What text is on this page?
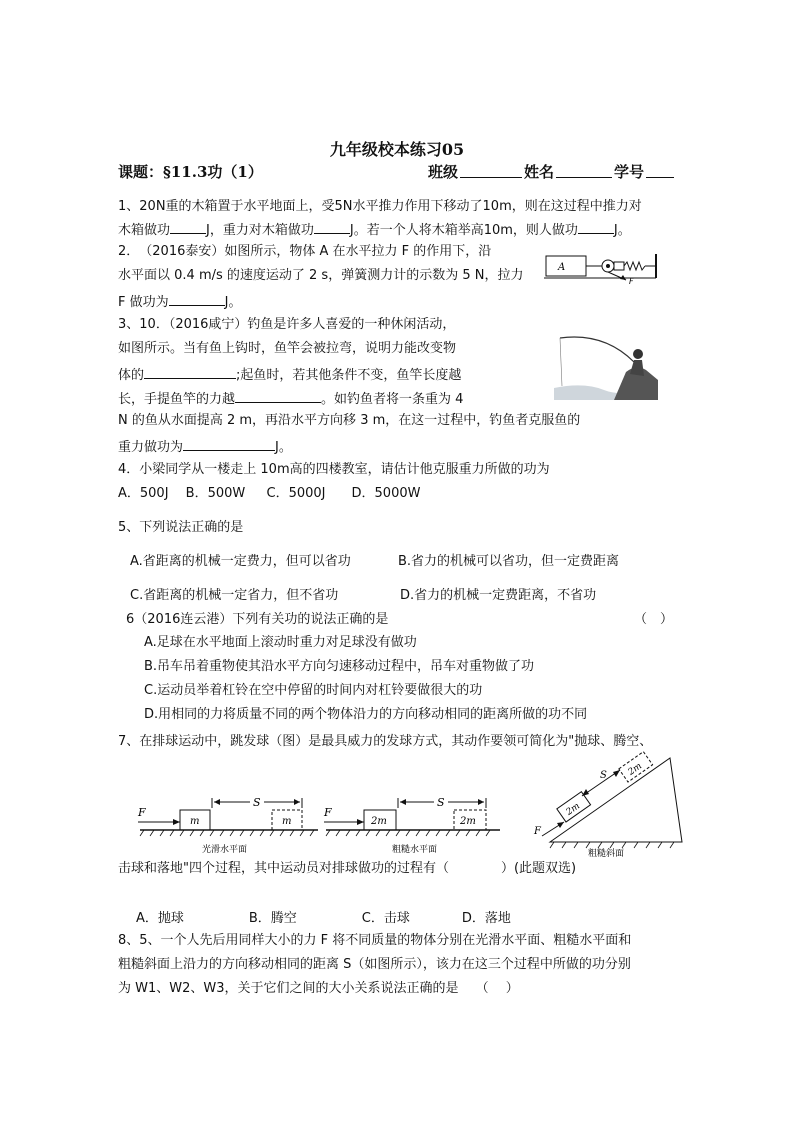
九年级校本练习05
课题：§11.3功（1）	班级	姓名	学号
1、20N重的木箱置于水平地面上，受5N水平推力作用下移动了10m，则在这过程中推力对
木箱做功	J，重力对木箱做功	J。若一个人将木箱举高10m，则人做功	J。
2．　（2016泰安）如图所示，物体 A 在水平拉力 F 的作用下，沿
水平面以 0.4 m/s 的速度运动了 2 s，弹簧测力计的示数为 5 N，拉力
F 做功为	J。
A
F
3、10．（2016咸宁）钓鱼是许多人喜爱的一种休闲活动，
如图所示。当有鱼上钩时，鱼竿会被拉弯，说明力能改变物
体的	;起鱼时，若其他条件不变，鱼竿长度越
长，手提鱼竿的力越	。如钓鱼者将一条重为 4
N 的鱼从水面提高 2 m，再沿水平方向移 3 m，在这一过程中，钓鱼者克服鱼的
重力做功为	J。
4．小梁同学从一楼走上 10m高的四楼教室，请估计他克服重力所做的功为
A．500J　 B．500W 　 C．5000J　　D．5000W
5、下列说法正确的是
A.省距离的机械一定费力，但可以省功	B.省力的机械可以省功，但一定费距离
C.省距离的机械一定省力，但不省功	D.省力的机械一定费距离，不省功
6（2016连云港）下列有关功的说法正确的是	（　）
A.足球在水平地面上滚动时重力对足球没有做功
B.吊车吊着重物使其沿水平方向匀速移动过程中，吊车对重物做了功
C.运动员举着杠铃在空中停留的时间内对杠铃要做很大的功
D.用相同的力将质量不同的两个物体沿力的方向移动相同的距离所做的功不同
7、在排球运动中，跳发球（图）是最具威力的发球方式，其动作要领可简化为"抛球、腾空、
F
m
S
m
光滑水平面
F
2m
S
2m
粗糙水平面
2m
2m
S
F
粗糙斜面
击球和落地"四个过程，其中运动员对排球做功的过程有（　　　　）(此题双选)
A．抛球　　　　　B．腾空　　　　　C．击球　　　　D．落地
8、5、一个人先后用同样大小的力 F 将不同质量的物体分别在光滑水平面、粗糙水平面和
粗糙斜面上沿力的方向移动相同的距离 S（如图所示），该力在这三个过程中所做的功分别
为 W1、W2、W3，关于它们之间的大小关系说法正确的是　 （　 ）
